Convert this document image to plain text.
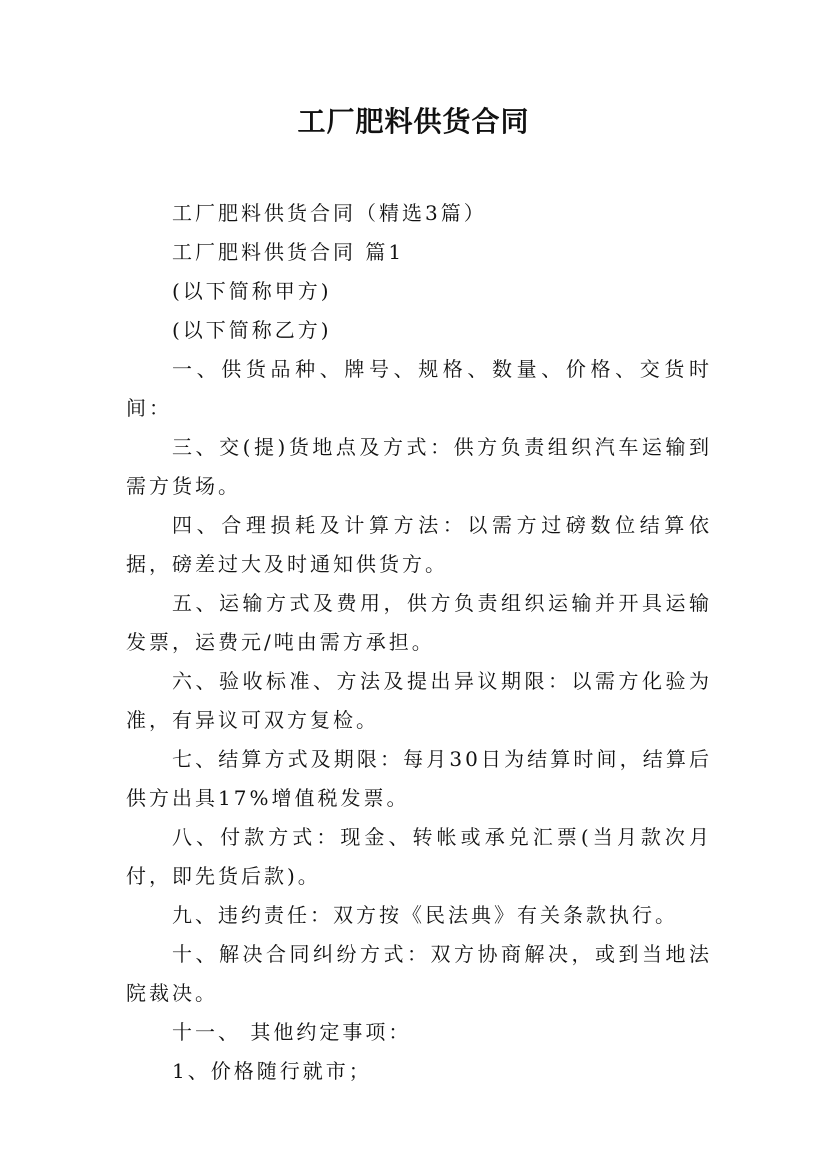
工厂肥料供货合同

工厂肥料供货合同（精选3篇）

工厂肥料供货合同 篇1

(以下简称甲方)

(以下简称乙方)

一、供货品种、牌号、规格、数量、价格、交货时间：

三、交(提)货地点及方式：供方负责组织汽车运输到需方货场。

四、合理损耗及计算方法：以需方过磅数位结算依据，磅差过大及时通知供货方。

五、运输方式及费用，供方负责组织运输并开具运输发票，运费元/吨由需方承担。

六、验收标准、方法及提出异议期限：以需方化验为准，有异议可双方复检。

七、结算方式及期限：每月30日为结算时间，结算后供方出具17%增值税发票。

八、付款方式：现金、转帐或承兑汇票(当月款次月付，即先货后款)。

九、违约责任：双方按《民法典》有关条款执行。

十、解决合同纠纷方式：双方协商解决，或到当地法院裁决。

十一、 其他约定事项：

1、价格随行就市；
